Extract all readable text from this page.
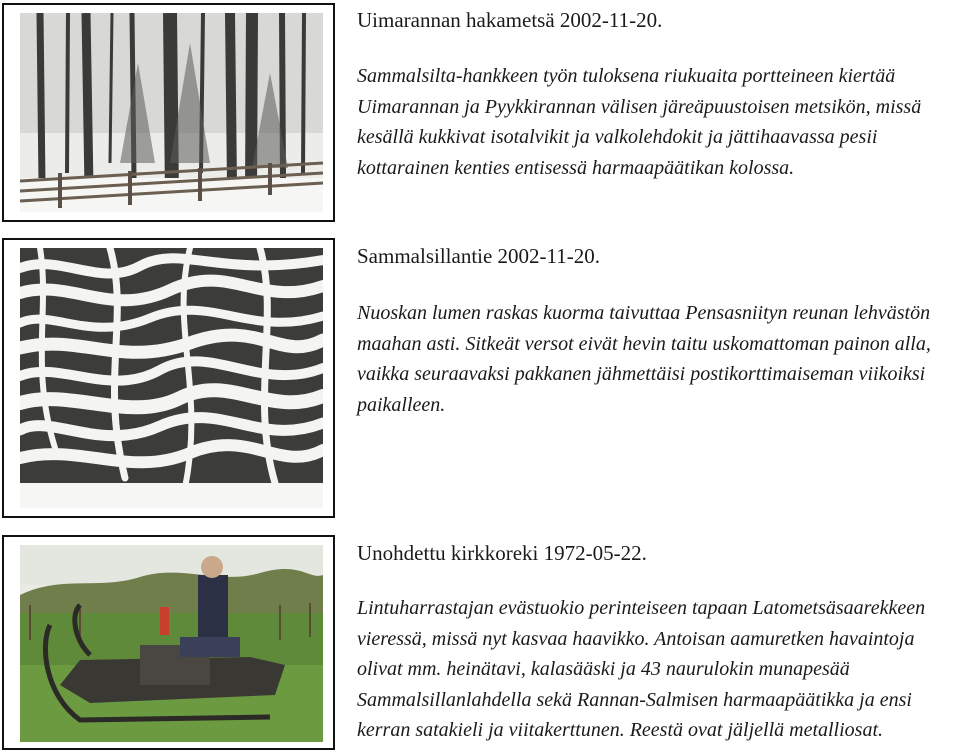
Uimarannan hakametsä 2002-11-20.

Sammalsilta-hankkeen työn tuloksena riukuaita portteineen kiertää Uimarannan ja Pyykkirannan välisen järeäpuustoisen metsikön, missä kesällä kukkivat isotalvikit ja valkolehdokit ja jättihaavassa pesii kottarainen kenties entisessä harmaapäätikan kolossa.

Sammalsillantie 2002-11-20.

Nuoskan lumen raskas kuorma taivuttaa Pensasniityn reunan lehvästön maahan asti. Sitkeät versot eivät hevin taitu uskomattoman painon alla, vaikka seuraavaksi pakkanen jähmettäisi postikorttimaiseman viikoiksi paikalleen.

Unohdettu kirkkoreki 1972-05-22.

Lintuharrastajan evästuokio perinteiseen tapaan Latometsäsaarekkeen vieressä, missä nyt kasvaa haavikko. Antoisan aamuretken havaintoja olivat mm. heinätavi, kalasääski ja 43 naurulokin munapesää Sammalsillanlahdella sekä Rannan-Salmisen harmaapäätikka ja ensi kerran satakieli ja viitakerttunen. Reestä ovat jäljellä metalliosat.
